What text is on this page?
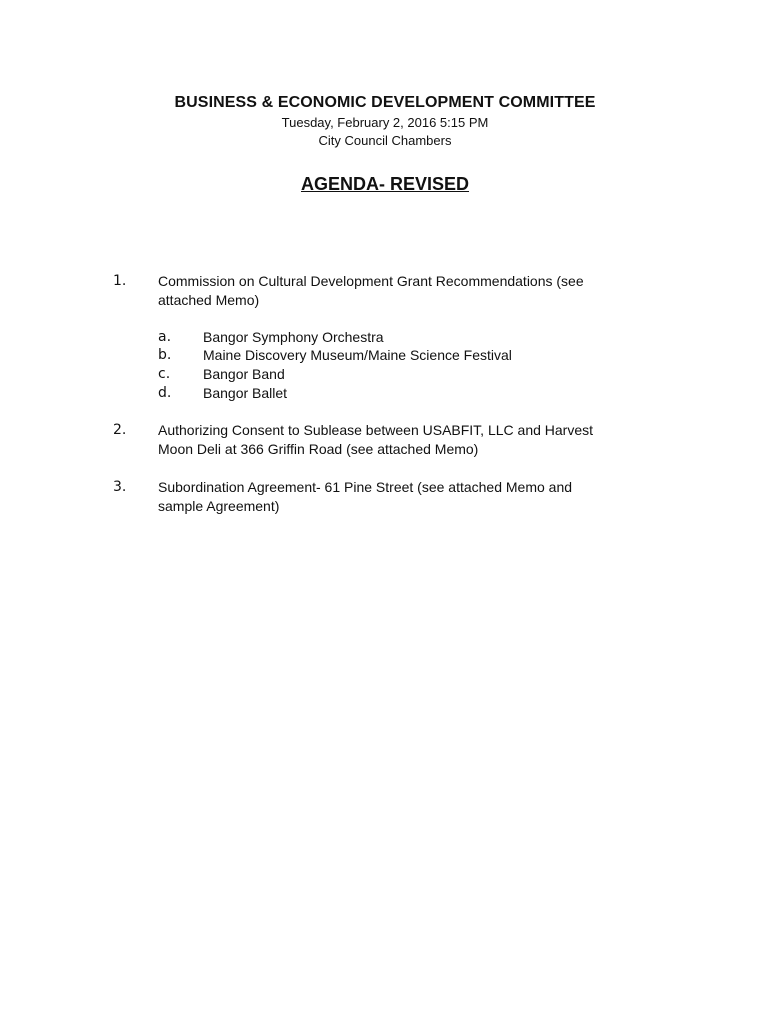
BUSINESS & ECONOMIC DEVELOPMENT COMMITTEE
Tuesday, February 2, 2016 5:15 PM
City Council Chambers
AGENDA- REVISED
1. Commission on Cultural Development Grant Recommendations (see
attached Memo)
a. Bangor Symphony Orchestra
b. Maine Discovery Museum/Maine Science Festival
c. Bangor Band
d. Bangor Ballet
2. Authorizing Consent to Sublease between USABFIT, LLC and Harvest
Moon Deli at 366 Griffin Road (see attached Memo)
3. Subordination Agreement- 61 Pine Street (see attached Memo and
sample Agreement)
